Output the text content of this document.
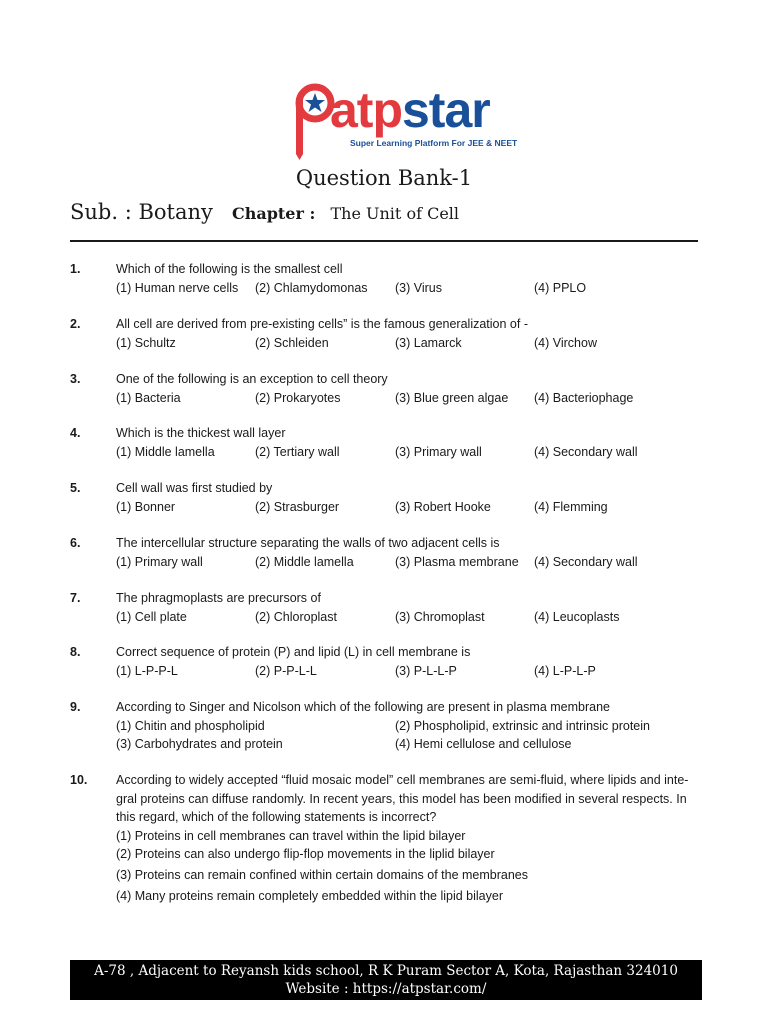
atpstar
Super Learning Platform For JEE & NEET
Question Bank-1
Sub. : Botany Chapter : The Unit of Cell
1.	Which of the following is the smallest cell
(1) Human nerve cells (2) Chlamydomonas (3) Virus	(4) PPLO
2.	All cell are derived from pre-existing cells” is the famous generalization of -
(1) Schultz	(2) Schleiden	(3) Lamarck	(4) Virchow
3.	One of the following is an exception to cell theory
(1) Bacteria	(2) Prokaryotes	(3) Blue green algae (4) Bacteriophage
4.	Which is the thickest wall layer
(1) Middle lamella	(2) Tertiary wall	(3) Primary wall	(4) Secondary wall
5.	Cell wall was first studied by
(1) Bonner	(2) Strasburger	(3) Robert Hooke	(4) Flemming
6.	The intercellular structure separating the walls of two adjacent cells is
(1) Primary wall	(2) Middle lamella	(3) Plasma membrane (4) Secondary wall
7.	The phragmoplasts are precursors of
(1) Cell plate	(2) Chloroplast	(3) Chromoplast	(4) Leucoplasts
8.	Correct sequence of protein (P) and lipid (L) in cell membrane is
(1) L-P-P-L	(2) P-P-L-L	(3) P-L-L-P	(4) L-P-L-P
9.	According to Singer and Nicolson which of the following are present in plasma membrane
(1) Chitin and phospholipid	(2) Phospholipid, extrinsic and intrinsic protein
(3) Carbohydrates and protein	(4) Hemi cellulose and cellulose
10. According to widely accepted “fluid mosaic model” cell membranes are semi-fluid, where lipids and inte-
gral proteins can diffuse randomly. In recent years, this model has been modified in several respects. In
this regard, which of the following statements is incorrect?
(1) Proteins in cell membranes can travel within the lipid bilayer
(2) Proteins can also undergo flip-flop movements in the liplid bilayer
(3) Proteins can remain confined within certain domains of the membranes
(4) Many proteins remain completely embedded within the lipid bilayer
A-78 , Adjacent to Reyansh kids school, R K Puram Sector A, Kota, Rajasthan 324010
Website : https://atpstar.com/
